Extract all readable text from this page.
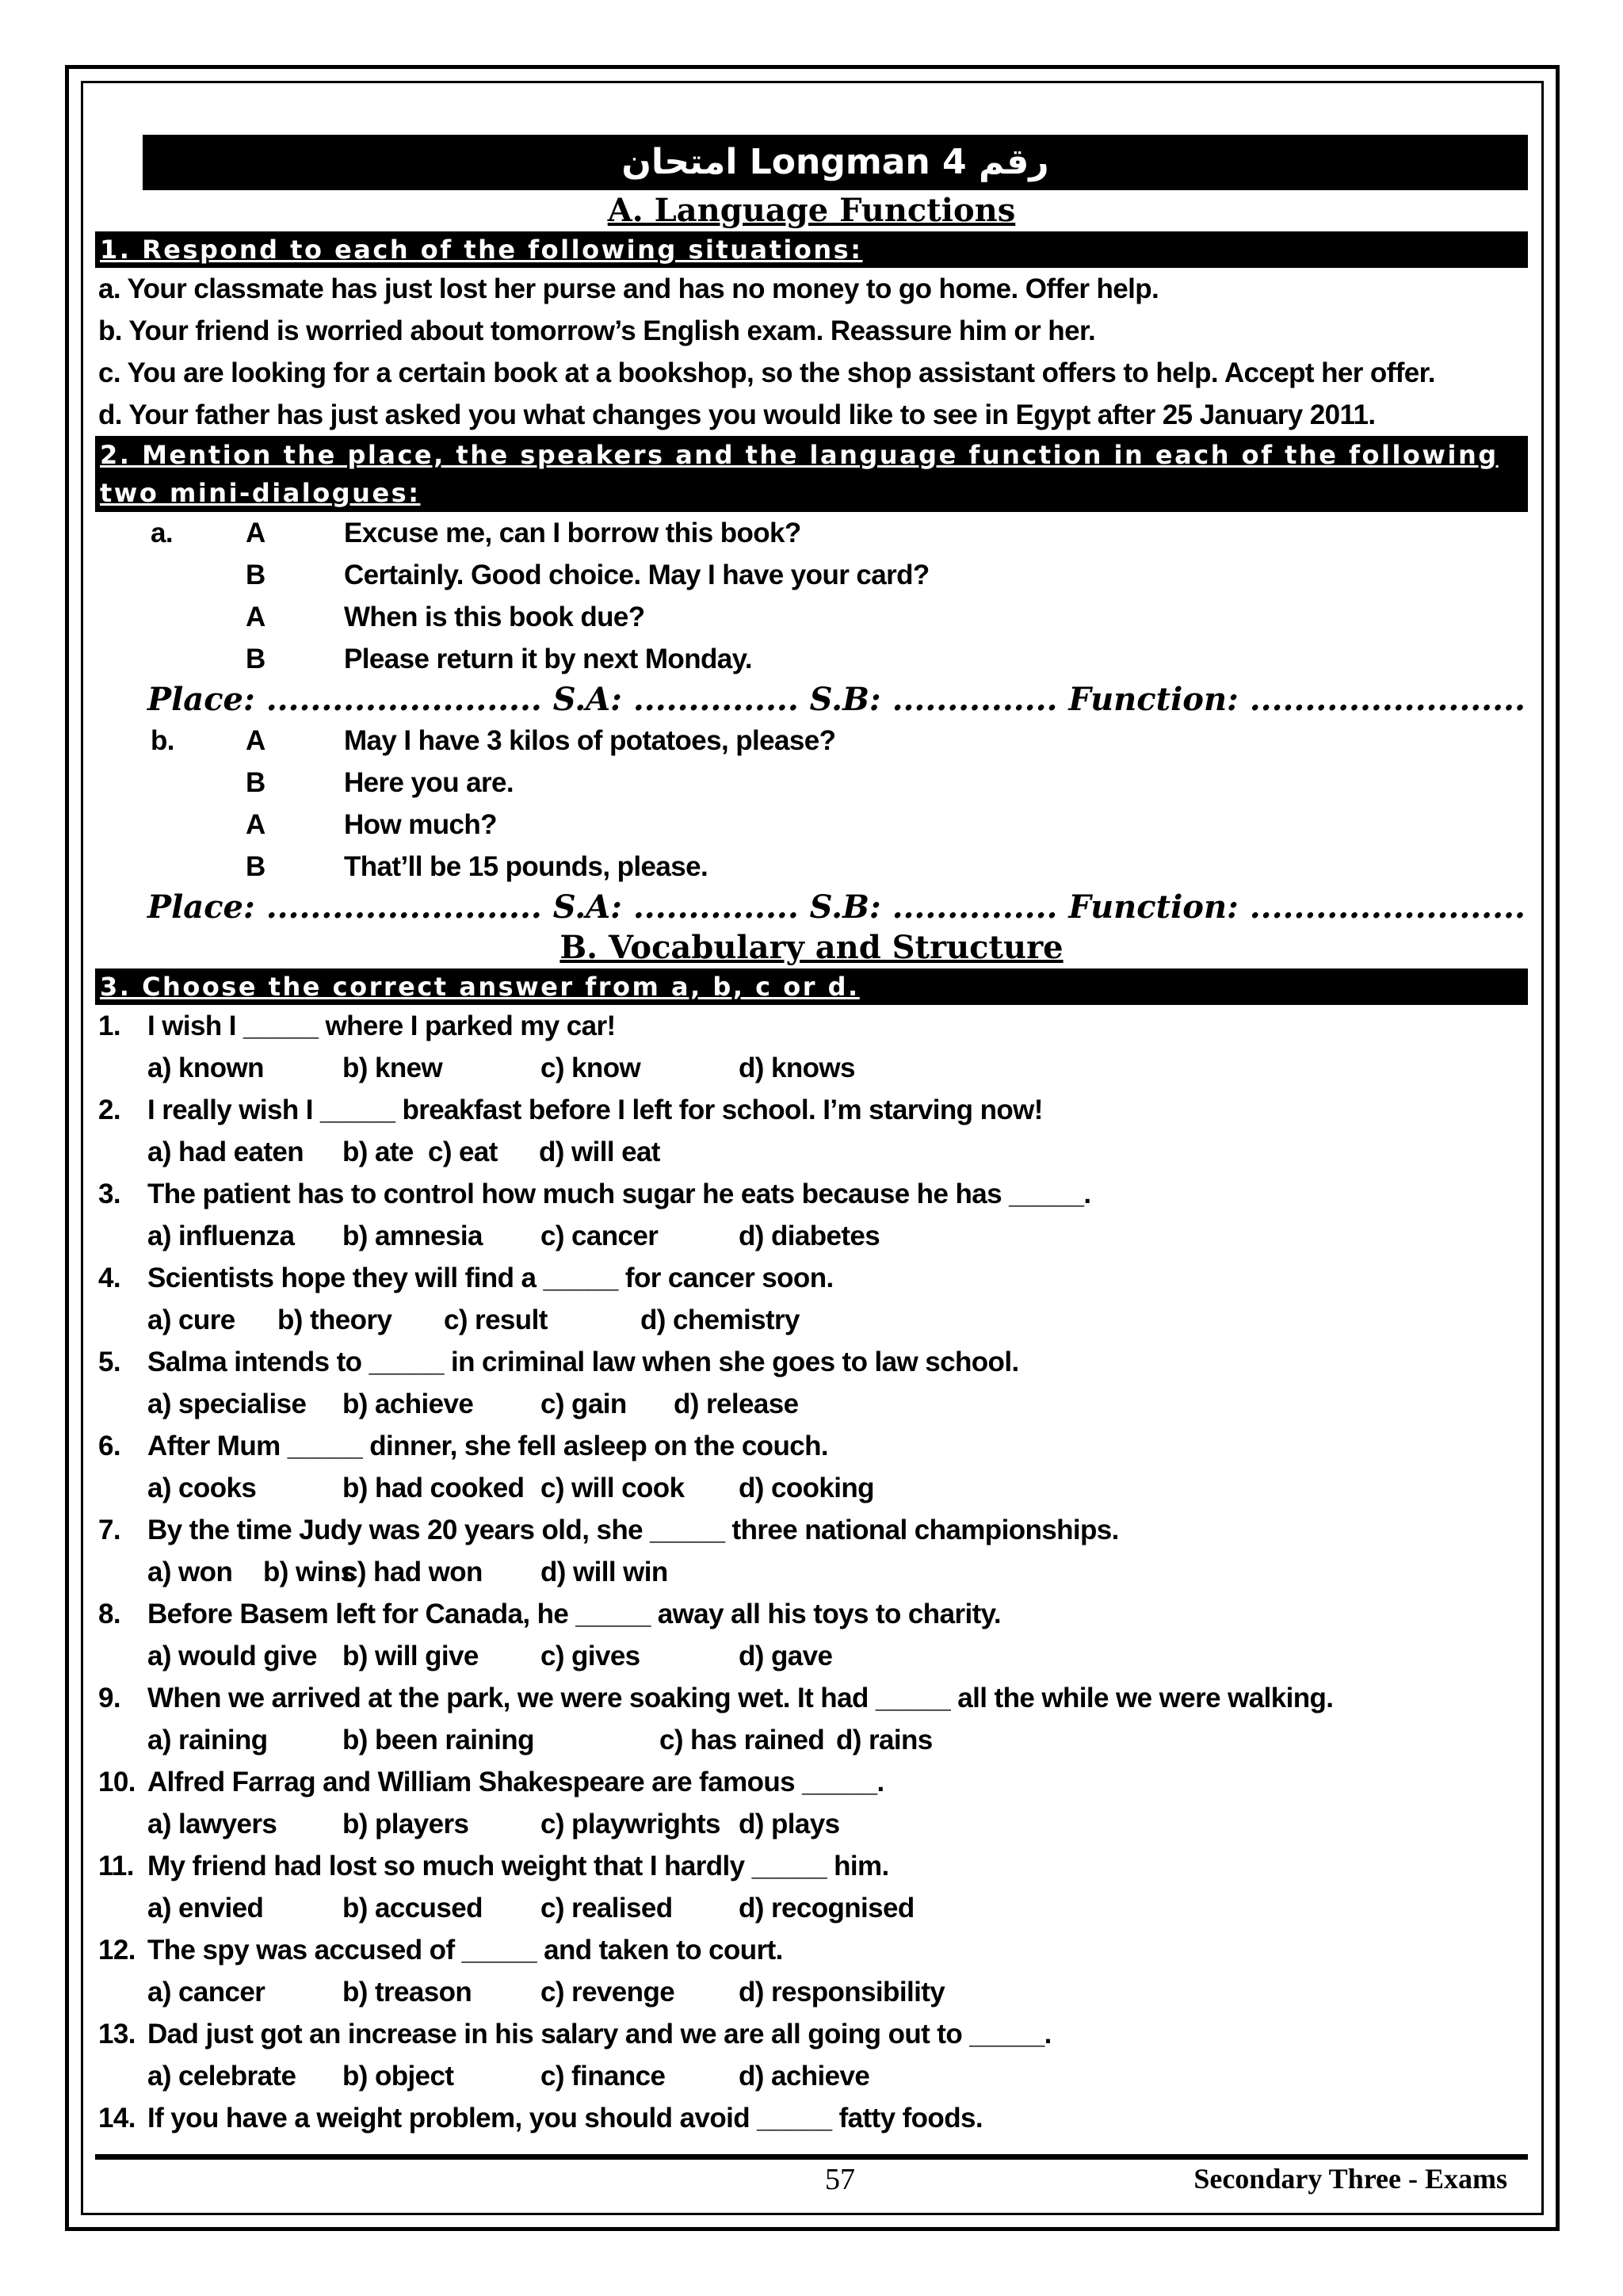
امتحان Longman رقم 4
A. Language Functions
1. Respond to each of the following situations:
a. Your classmate has just lost her purse and has no money to go home. Offer help.
b. Your friend is worried about tomorrow’s English exam. Reassure him or her.
c. You are looking for a certain book at a bookshop, so the shop assistant offers to help. Accept her offer.
d. Your father has just asked you what changes you would like to see in Egypt after 25 January 2011.
2. Mention the place, the speakers and the language function in each of the following
two mini-dialogues:
a.	A	Excuse me, can I borrow this book?
B	Certainly. Good choice. May I have your card?
A	When is this book due?
B	Please return it by next Monday.
Place: ......................... S.A: ............... S.B: ............... Function: .........................
b.	A	May I have 3 kilos of potatoes, please?
B	Here you are.
A	How much?
B	That’ll be 15 pounds, please.
Place: ......................... S.A: ............... S.B: ............... Function: .........................
B. Vocabulary and Structure
3. Choose the correct answer from a, b, c or d.
1. I wish I _____ where I parked my car!
a) known	b) knew	c) know	d) knows
2. I really wish I _____ breakfast before I left for school. I’m starving now!
a) had eaten b) ate c) eat d) will eat
3. The patient has to control how much sugar he eats because he has _____.
a) influenza b) amnesia c) cancer	d) diabetes
4. Scientists hope they will find a _____ for cancer soon.
a) cure b) theory c) result	d) chemistry
5. Salma intends to _____ in criminal law when she goes to law school.
a) specialise b) achieve c) gain d) release
6. After Mum _____ dinner, she fell asleep on the couch.
a) cooks	b) had cooked c) will cook d) cooking
7. By the time Judy was 20 years old, she _____ three national championships.
a) won b) wins
c) had won d) will win
8. Before Basem left for Canada, he _____ away all his toys to charity.
a) would give b) will give c) gives	d) gave
9. When we arrived at the park, we were soaking wet. It had _____ all the while we were walking.
a) raining	b) been raining	c) has rained d) rains
10. Alfred Farrag and William Shakespeare are famous _____.
a) lawyers b) players	c) playwrights d) plays
11. My friend had lost so much weight that I hardly _____ him.
a) envied	b) accused c) realised d) recognised
12. The spy was accused of _____ and taken to court.
a) cancer	b) treason c) revenge d) responsibility
13. Dad just got an increase in his salary and we are all going out to _____.
a) celebrate b) object	c) finance	d) achieve
14. If you have a weight problem, you should avoid _____ fatty foods.
57	Secondary Three - Exams
